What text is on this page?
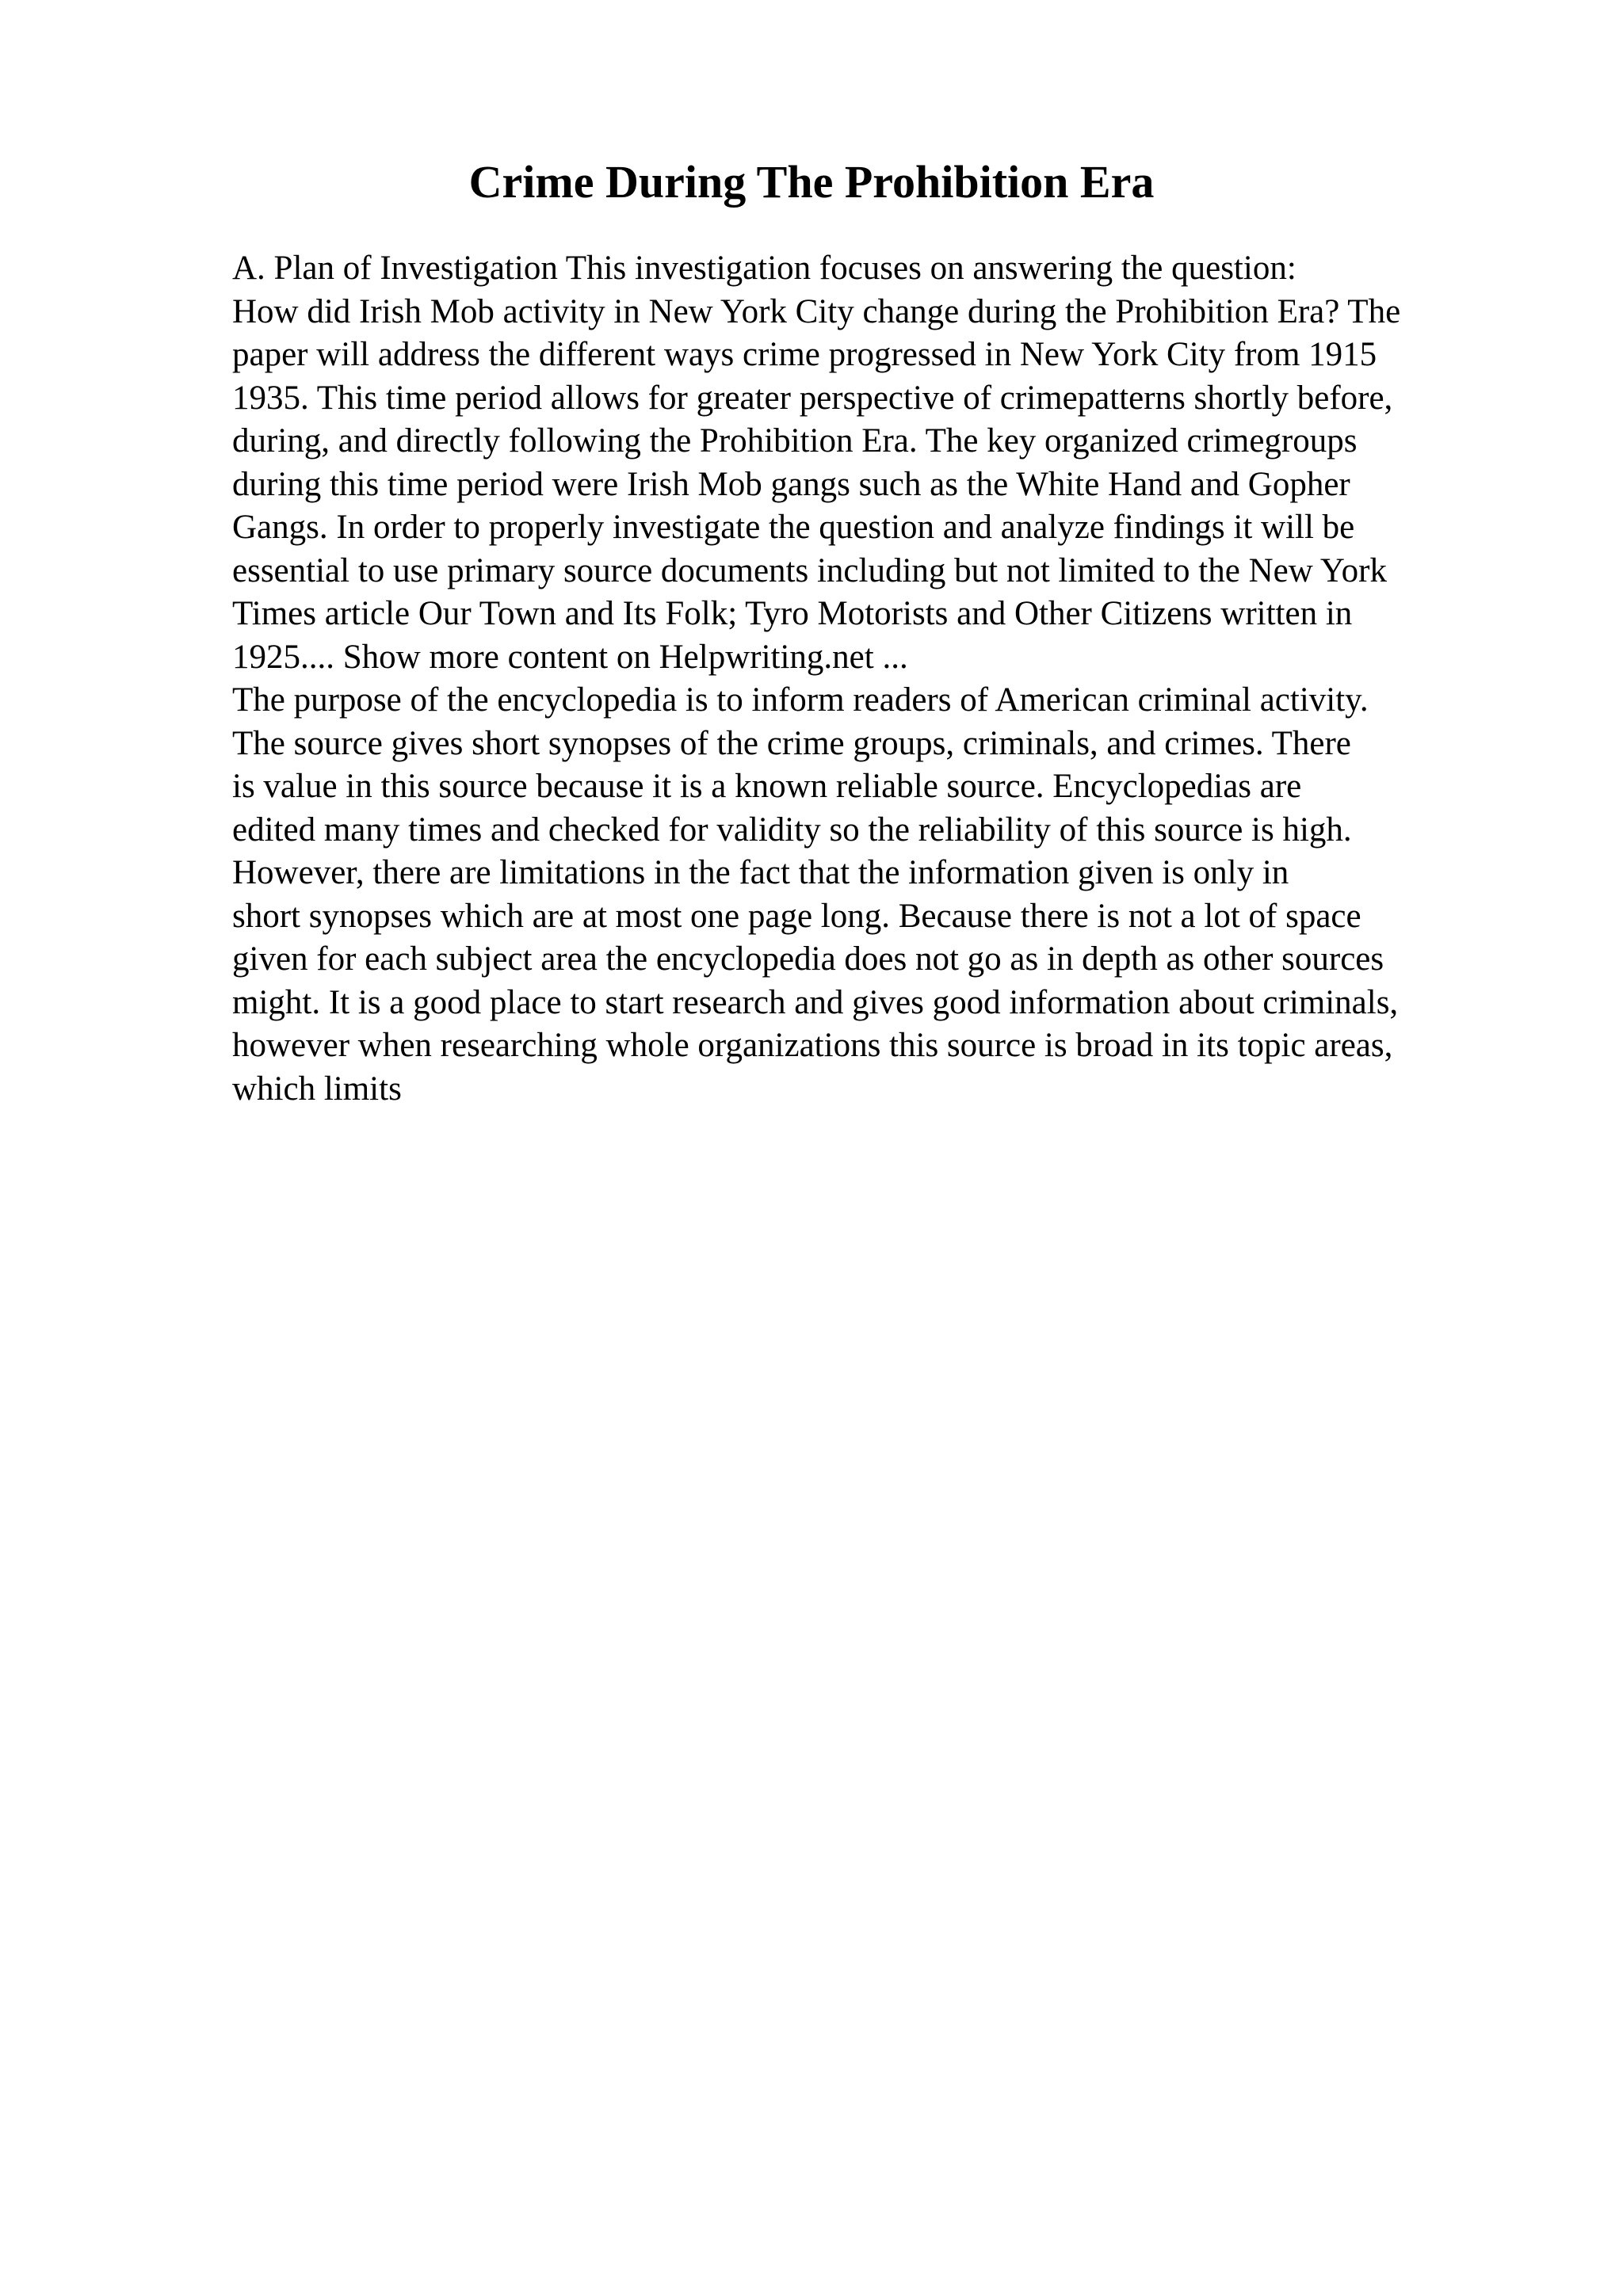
Crime During The Prohibition Era
A. Plan of Investigation This investigation focuses on answering the question:
How did Irish Mob activity in New York City change during the Prohibition Era? The
paper will address the different ways crime progressed in New York City from 1915
1935. This time period allows for greater perspective of crimepatterns shortly before,
during, and directly following the Prohibition Era. The key organized crimegroups
during this time period were Irish Mob gangs such as the White Hand and Gopher
Gangs. In order to properly investigate the question and analyze findings it will be
essential to use primary source documents including but not limited to the New York
Times article Our Town and Its Folk; Tyro Motorists and Other Citizens written in
1925.... Show more content on Helpwriting.net ...
The purpose of the encyclopedia is to inform readers of American criminal activity.
The source gives short synopses of the crime groups, criminals, and crimes. There
is value in this source because it is a known reliable source. Encyclopedias are
edited many times and checked for validity so the reliability of this source is high.
However, there are limitations in the fact that the information given is only in
short synopses which are at most one page long. Because there is not a lot of space
given for each subject area the encyclopedia does not go as in depth as other sources
might. It is a good place to start research and gives good information about criminals,
however when researching whole organizations this source is broad in its topic areas,
which limits
